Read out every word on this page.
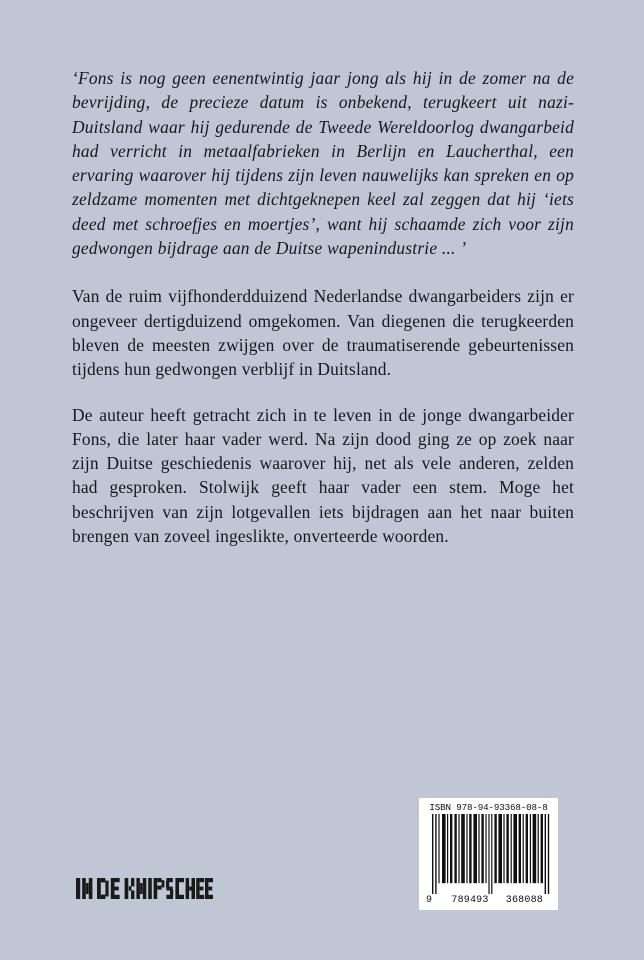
‘Fons is nog geen eenentwintig jaar jong als hij in de zomer na de bevrijding, de precieze datum is onbekend, terugkeert uit nazi-Duitsland waar hij gedurende de Tweede Wereldoorlog dwangarbeid had verricht in metaalfabrieken in Berlijn en Laucherthal, een ervaring waarover hij tijdens zijn leven nauwelijks kan spreken en op zeldzame momenten met dichtgeknepen keel zal zeggen dat hij ‘iets deed met schroefjes en moertjes’, want hij schaamde zich voor zijn gedwongen bijdrage aan de Duitse wapenindustrie ... ’

Van de ruim vijfhonderdduizend Nederlandse dwangarbeiders zijn er ongeveer dertigduizend omgekomen. Van diegenen die terugkeerden bleven de meesten zwijgen over de traumatiserende gebeurtenissen tijdens hun gedwongen verblijf in Duitsland.

De auteur heeft getracht zich in te leven in de jonge dwangarbeider Fons, die later haar vader werd. Na zijn dood ging ze op zoek naar zijn Duitse geschiedenis waarover hij, net als vele anderen, zelden had gesproken. Stolwijk geeft haar vader een stem. Moge het beschrijven van zijn lotgevallen iets bijdragen aan het naar buiten brengen van zoveel ingeslikte, onverteerde woorden.

ISBN 978-94-93368-08-8
9 789493 368088
